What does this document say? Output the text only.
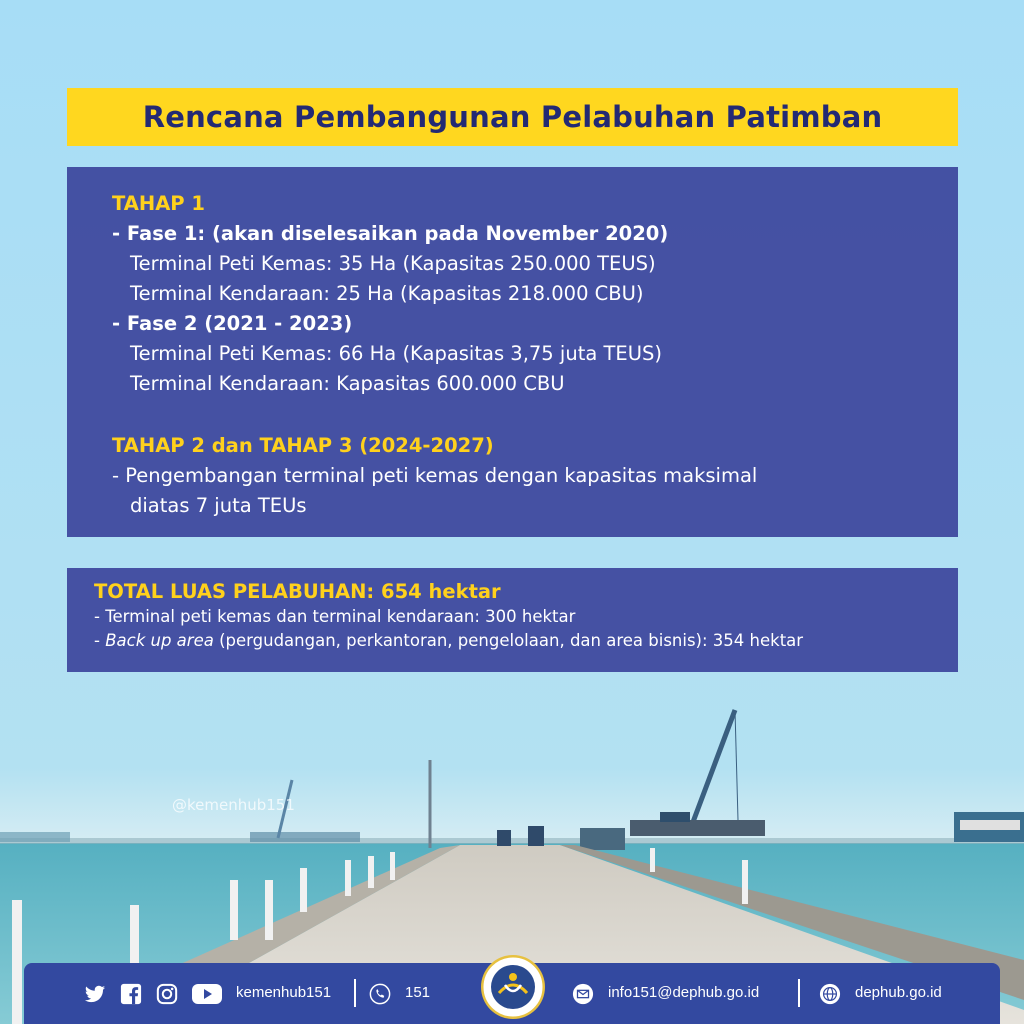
@kemenhub151
Rencana Pembangunan Pelabuhan Patimban
TAHAP 1
- Fase 1: (akan diselesaikan pada November 2020)
Terminal Peti Kemas: 35 Ha (Kapasitas 250.000 TEUS)
Terminal Kendaraan: 25 Ha (Kapasitas 218.000 CBU)
- Fase 2 (2021 - 2023)
Terminal Peti Kemas: 66 Ha (Kapasitas 3,75 juta TEUS)
Terminal Kendaraan: Kapasitas 600.000 CBU
TAHAP 2 dan TAHAP 3 (2024-2027)
- Pengembangan terminal peti kemas dengan kapasitas maksimal
diatas 7 juta TEUs
TOTAL LUAS PELABUHAN: 654 hektar
- Terminal peti kemas dan terminal kendaraan: 300 hektar
- Back up area (pergudangan, perkantoran, pengelolaan, dan area bisnis): 354 hektar
kemenhub151	151	info151@dephub.go.id	dephub.go.id
